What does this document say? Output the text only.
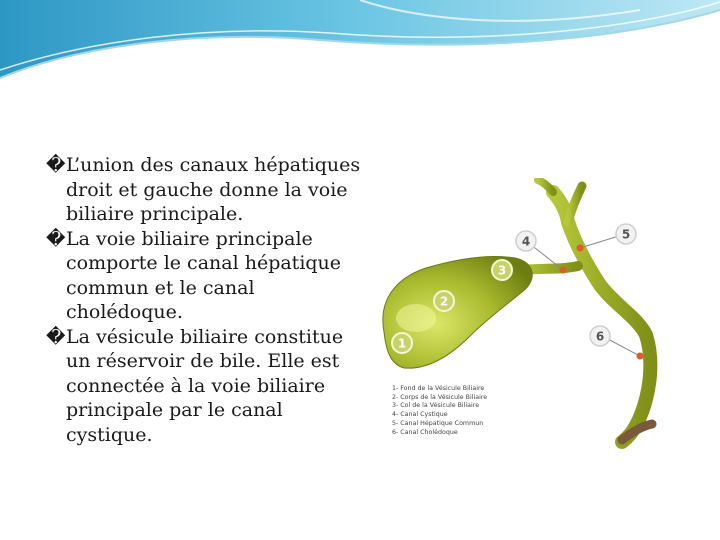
� L’union des canaux hépatiques droit et gauche donne la voie biliaire principale.
� La voie biliaire principale comporte le canal hépatique commun et le canal cholédoque.
� La vésicule biliaire constitue un réservoir de bile. Elle est connectée à la voie biliaire principale par le canal cystique.
1
2
3
4	5
6
1- Fond de la Vésicule Biliaire
2- Corps de la Vésicule Biliaire
3- Col de la Vésicule Biliaire
4- Canal Cystique
5- Canal Hépatique Commun
6- Canal Cholédoque
